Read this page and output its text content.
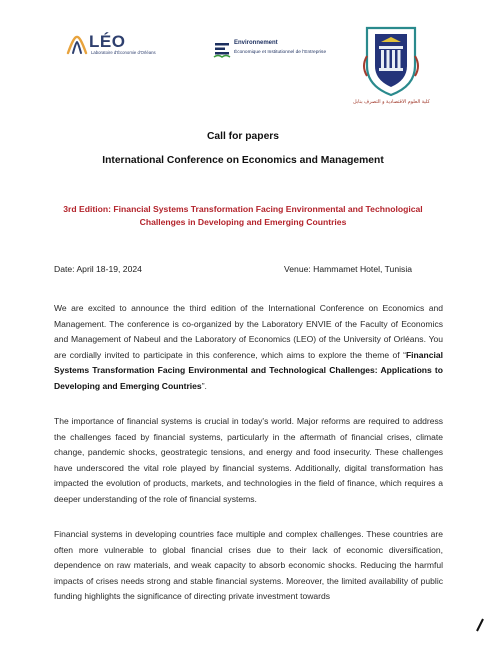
LÉO
Laboratoire d'Économie d'Orléans
Environnement
Économique et Institutionnel de l'Entreprise
كلية العلوم الاقتصادية و التصرف بنابل
Call for papers
International Conference on Economics and Management
3rd Edition: Financial Systems Transformation Facing Environmental and Technological Challenges in Developing and Emerging Countries
Date: April 18-19, 2024	Venue: Hammamet Hotel, Tunisia
We are excited to announce the third edition of the International Conference on Economics and Management. The conference is co-organized by the Laboratory ENVIE of the Faculty of Economics and Management of Nabeul and the Laboratory of Economics (LEO) of the University of Orléans. You are cordially invited to participate in this conference, which aims to explore the theme of “Financial Systems Transformation Facing Environmental and Technological Challenges: Applications to Developing and Emerging Countries”.
The importance of financial systems is crucial in today's world. Major reforms are required to address the challenges faced by financial systems, particularly in the aftermath of financial crises, climate change, pandemic shocks, geostrategic tensions, and energy and food insecurity. These challenges have underscored the vital role played by financial systems. Additionally, digital transformation has impacted the evolution of products, markets, and technologies in the field of finance, which requires a deeper understanding of the role of financial systems.
Financial systems in developing countries face multiple and complex challenges. These countries are often more vulnerable to global financial crises due to their lack of economic diversification, dependence on raw materials, and weak capacity to absorb economic shocks. Reducing the harmful impacts of crises needs strong and stable financial systems. Moreover, the limited availability of public funding highlights the significance of directing private investment towards
